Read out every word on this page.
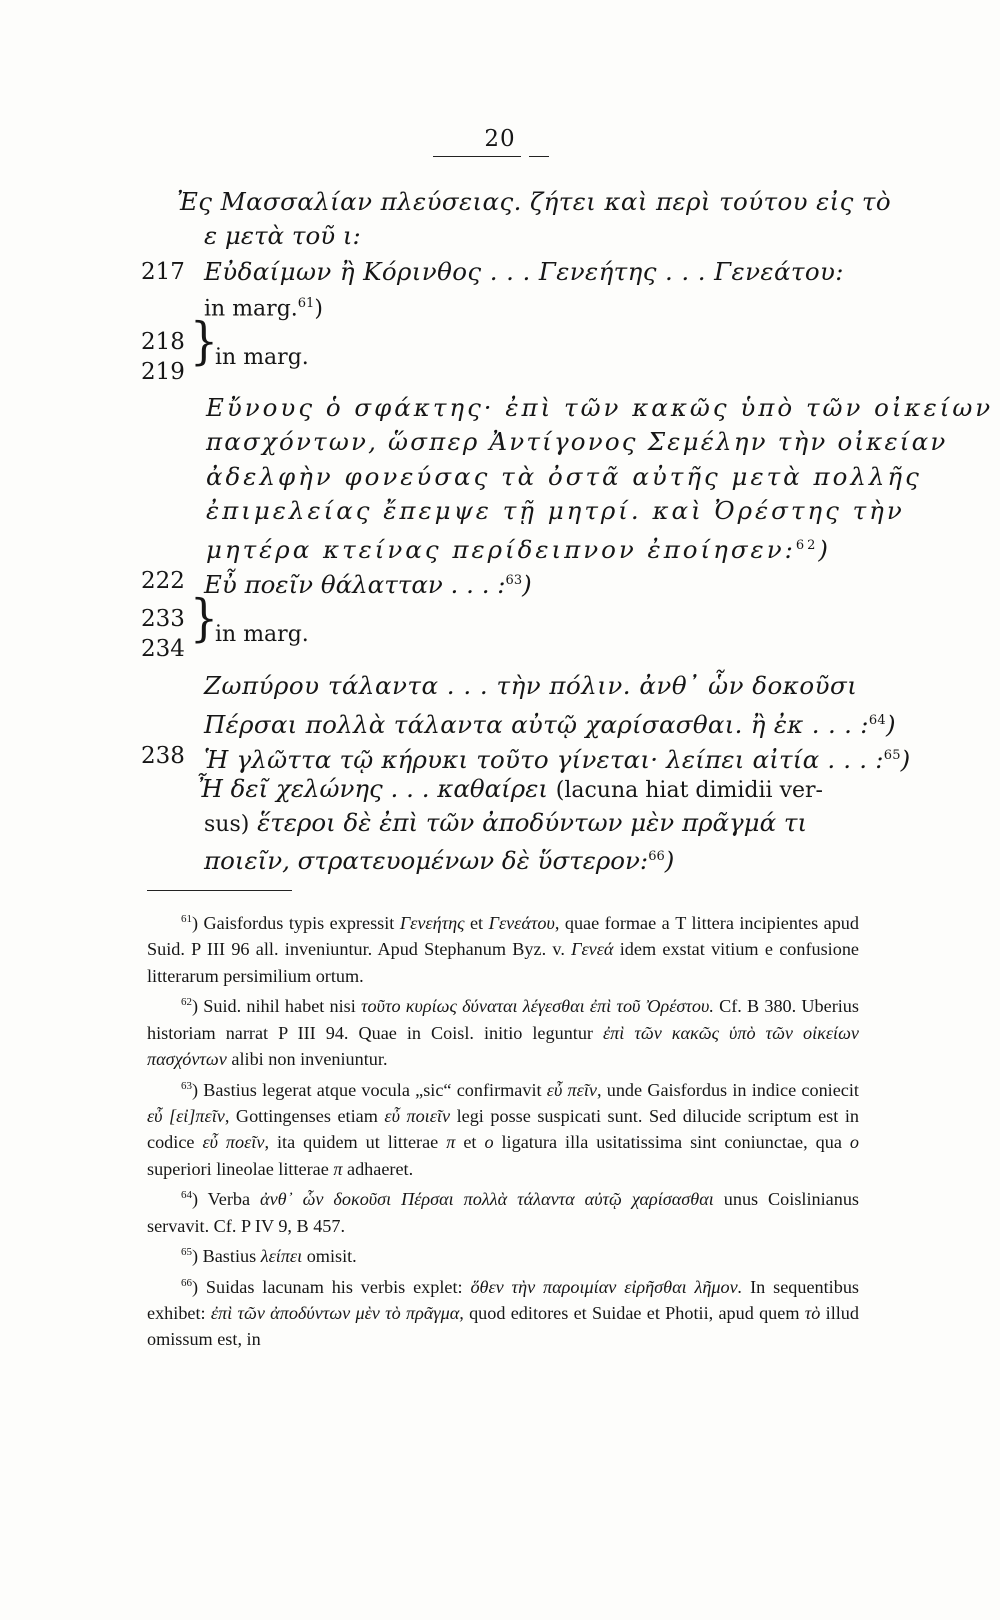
20
Ἐς Μασσαλίαν πλεύσειας. ζήτει καὶ περὶ τούτου εἰς τὸ
ε μετὰ τοῦ ι:
217 Εὐδαίμων ἢ Κόρινθος . . . Γενεήτης . . . Γενεάτου:
in marg.$^{61}$)
218
219
}
in marg.
Εὔνους ὁ σφάκτης· ἐπὶ τῶν κακῶς ὑπὸ τῶν οἰκείων
πασχόντων, ὥσπερ Ἀντίγονος Σεμέλην τὴν οἰκείαν
ἀδελφὴν φονεύσας τὰ ὀστᾶ αὐτῆς μετὰ πολλῆς
ἐπιμελείας ἔπεμψε τῇ μητρί. καὶ Ὀρέστης τὴν
μητέρα κτείνας περίδειπνον ἐποίησεν:$^{62}$)
222 Εὖ ποεῖν θάλατταν . . . :$^{63}$)
233
234
}
in marg.
Ζωπύρου τάλαντα . . . τὴν πόλιν. ἀνθ᾽ ὧν δοκοῦσι
Πέρσαι πολλὰ τάλαντα αὐτῷ χαρίσασθαι. ἢ ἐκ . . . :$^{64}$)
238 Ἡ γλῶττα τῷ κήρυκι τοῦτο γίνεται· λείπει αἰτία . . . :$^{65}$)
Ἦ δεῖ χελώνης . . . καθαίρει (lacuna hiat dimidii ver-
sus) ἕτεροι δὲ ἐπὶ τῶν ἀποδύντων μὲν πρᾶγμά τι
ποιεῖν, στρατευομένων δὲ ὕστερον:$^{66}$)

$^{61}$) Gaisfordus typis expressit Γενεήτης et Γενεάτου, quae formae a Τ littera incipientes apud Suid. P III 96 all. inveniuntur. Apud Stephanum Byz. v. Γενεά idem exstat vitium e confusione litterarum persimilium ortum.

$^{62}$) Suid. nihil habet nisi τοῦτο κυρίως δύναται λέγεσθαι ἐπὶ τοῦ Ὀρέστου. Cf. B 380. Uberius historiam narrat P III 94. Quae in Coisl. initio leguntur ἐπὶ τῶν κακῶς ὑπὸ τῶν οἰκείων πασχόντων alibi non inveniuntur.

$^{63}$) Bastius legerat atque vocula „sic“ confirmavit εὖ πεῖν, unde Gaisfordus in indice coniecit εὖ [εἰ]πεῖν, Gottingenses etiam εὖ ποιεῖν legi posse suspicati sunt. Sed dilucide scriptum est in codice εὖ ποεῖν, ita quidem ut litterae π et ο ligatura illa usitatissima sint coniunctae, qua ο superiori lineolae litterae π adhaeret.

$^{64}$) Verba ἀνθ᾽ ὧν δοκοῦσι Πέρσαι πολλὰ τάλαντα αὐτῷ χαρίσασθαι unus Coislinianus servavit. Cf. P IV 9, B 457.

$^{65}$) Bastius λείπει omisit.

$^{66}$) Suidas lacunam his verbis explet: ὅθεν τὴν παροιμίαν εἰρῆσθαι λῆμον. In sequentibus exhibet: ἐπὶ τῶν ἀποδύντων μὲν τὸ πρᾶγμα, quod editores et Suidae et Photii, apud quem τὸ illud omissum est, in
